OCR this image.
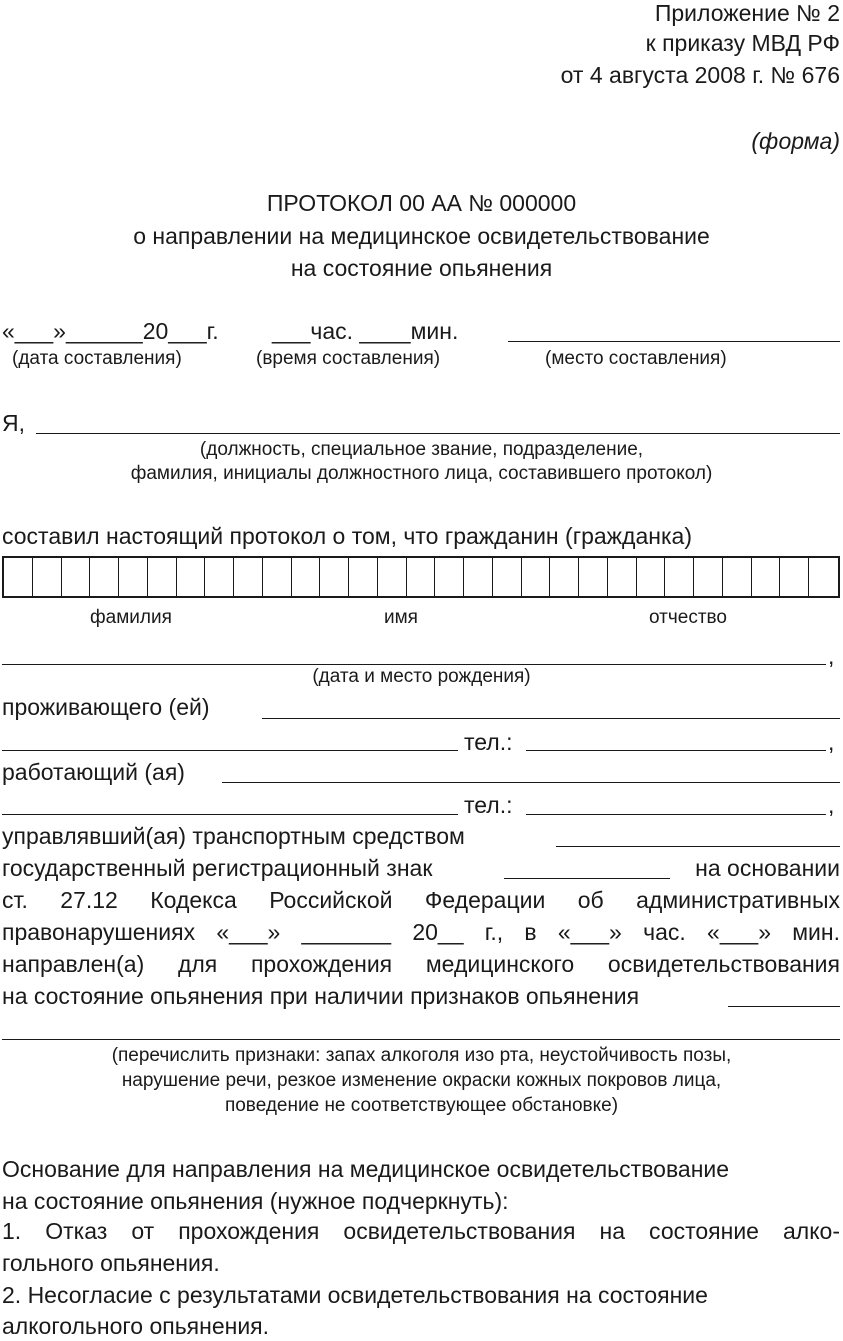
Приложение № 2
к приказу МВД РФ
от 4 августа 2008 г. № 676
(форма)
ПРОТОКОЛ 00 АА № 000000
о направлении на медицинское освидетельствование
на состояние опьянения
«___»______20___г. ___час. ____мин.
(дата составления)	(время составления)	(место составления)
Я,
(должность, специальное звание, подразделение,
фамилия, инициалы должностного лица, составившего протокол)
составил настоящий протокол о том, что гражданин (гражданка)
фамилия	имя	отчество
,
(дата и место рождения)
проживающего (ей)
тел.:	,
работающий (ая)
тел.:	,
управлявший(ая) транспортным средством
государственный регистрационный знак	на основании
ст. 27.12 Кодекса Российской Федерации об административных
правонарушениях «___» _______ 20__ г., в «___» час. «___» мин.
направлен(а) для прохождения медицинского освидетельствования
на состояние опьянения при наличии признаков опьянения
(перечислить признаки: запах алкоголя изо рта, неустойчивость позы,
нарушение речи, резкое изменение окраски кожных покровов лица,
поведение не соответствующее обстановке)
Основание для направления на медицинское освидетельствование
на состояние опьянения (нужное подчеркнуть):
1. Отказ от прохождения освидетельствования на состояние алко-
гольного опьянения.
2. Несогласие с результатами освидетельствования на состояние
алкогольного опьянения.
